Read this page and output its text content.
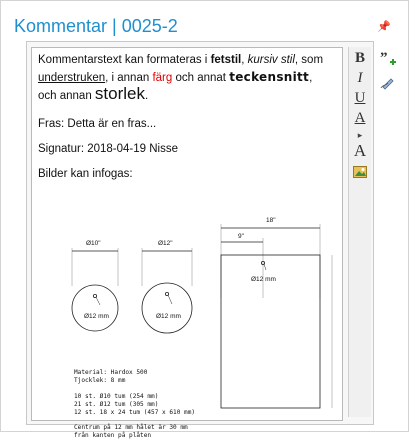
Kommentar | 0025-2	📌
Kommentarstext kan formateras i fetstil, kursiv stil, som
understruken, i annan färg och annat teckensnitt,
och annan storlek.
Fras: Detta är en fras...
Signatur: 2018-04-19 Nisse
Bilder kan infogas:
Ø10"	Ø12"
18"
9"
Ø12 mm	Ø12 mm
Ø12 mm
Material: Hardox 500
Tjocklek: 8 mm
10 st. Ø10 tum (254 mm)
21 st. Ø12 tum (305 mm)
12 st. 18 x 24 tum (457 x 610 mm)
Centrum på 12 mm hålet är 30 mm
från kanten på plåten
B
I
U
A
▸
A
”
